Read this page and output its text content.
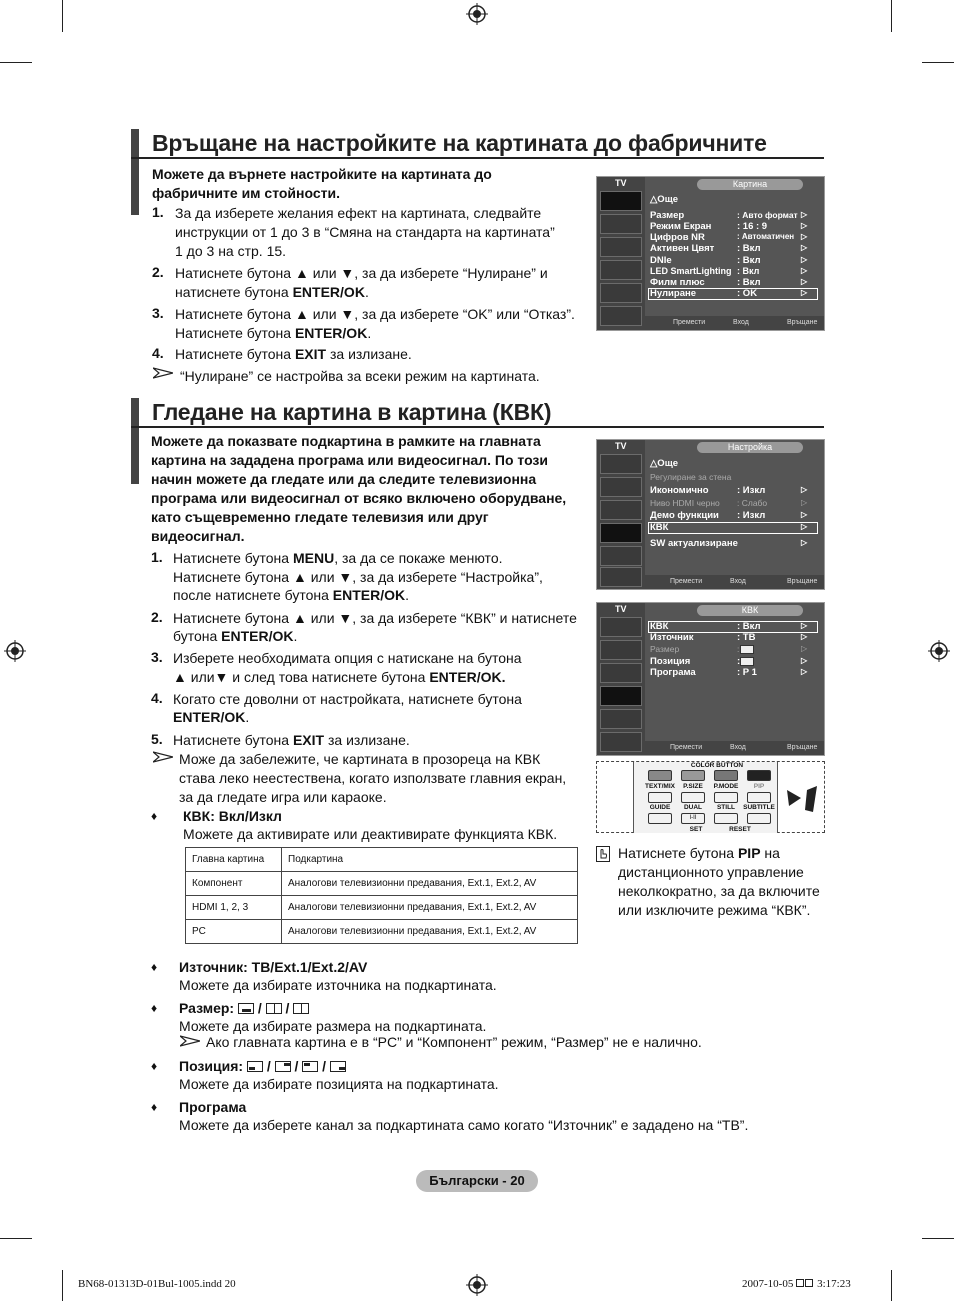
Връщане на настройките на картината до фабричните
Можете да върнете настройките на картината до
фабричните им стойности.
1. За да изберете желания ефект на картината, следвайте
инструкции от 1 до 3 в “Смяна на стандарта на картината”
1 до 3 на стр. 15.
2. Натиснете бутона ▲ или ▼, за да изберете “Нулиране” и
натиснете бутона ENTER/OK.
3. Натиснете бутона ▲ или ▼, за да изберете “OK” или “Отказ”.
Натиснете бутона ENTER/OK.
4. Натиснете бутона EXIT за излизане.
“Нулиране” се настройва за всеки режим на картината.
TV	Картина
△Още
Размер	: Авто формат ▷
Режим Екран	: 16 : 9	▷
Цифров NR	: Автоматичен ▷
Активен Цвят : Вкл	▷
DNIe	: Вкл	▷
LED SmartLighting : Вкл	▷
Филм плюс	: Вкл	▷
Нулиране	: OK	▷
Премести	Вход	Връщане
Гледане на картина в картина (КВК)
Можете да показвате подкартина в рамките на главната
картина на зададена програма или видеосигнал. По този
начин можете да гледате или да следите телевизионна
програма или видеосигнал от всяко включено оборудване,
като същевременно гледате телевизия или друг
видеосигнал.
1. Натиснете бутона MENU, за да се покаже менюто.
Натиснете бутона ▲ или ▼, за да изберете “Настройка”,
после натиснете бутона ENTER/OK.
2. Натиснете бутона ▲ или ▼, за да изберете “КВК” и натиснете
бутона ENTER/OK.
3. Изберете необходимата опция с натискане на бутона
▲ или▼ и след това натиснете бутона ENTER/OK.
4. Когато сте доволни от настройката, натиснете бутона
ENTER/OK.
5. Натиснете бутона EXIT за излизане.
Може да забележите, че картината в прозореца на КВК
става леко неестествена, когато използвате главния екран,
за да гледате игра или караоке.
♦ КВК: Вкл/Изкл
Можете да активирате или деактивирате функцията КВК.
Главна картина	Подкартина
Компонент	Аналогови телевизионни предавания, Ext.1, Ext.2, AV
HDMI 1, 2, 3	Аналогови телевизионни предавания, Ext.1, Ext.2, AV
PC	Аналогови телевизионни предавания, Ext.1, Ext.2, AV
TV	Настройка
△Още
Регулиране за стена
Икономично	: Изкл	▷
Ниво HDMI черно : Слабо	▷
Демо функции : Изкл	▷
КВК	▷
SW актуализиране	▷
Премести	Вход	Връщане
TV	КВК
КВК	: Вкл	▷
Източник	: ТВ	▷
Размер	:	▷
Позиция	:	▷
Програма	: P 1	▷
Премести	Вход	Връщане
COLOR BUTTON
TEXT/MIX	P.SIZE	P.MODE	PIP
GUIDE	DUAL	STILL	SUBTITLE
I-II
SET	RESET
Натиснете бутона PIP на
дистанционното управление
неколкократно, за да включите
или изключите режима “КВК”.
♦ Източник: ТВ/Ext.1/Ext.2/AV
Можете да избирате източника на подкартината.
♦ Размер: / /
Можете да избирате размера на подкартината.
Ако главната картина е в “PC” и “Компонент” режим, “Размер” не е налично.
♦ Позиция: / / /
Можете да избирате позицията на подкартината.
♦ Програма
Можете да изберете канал за подкартината само когато “Източник” е зададено на “ТВ”.
Български - 20
BN68-01313D-01Bul-1005.indd 20	2007-10-05 3:17:23
